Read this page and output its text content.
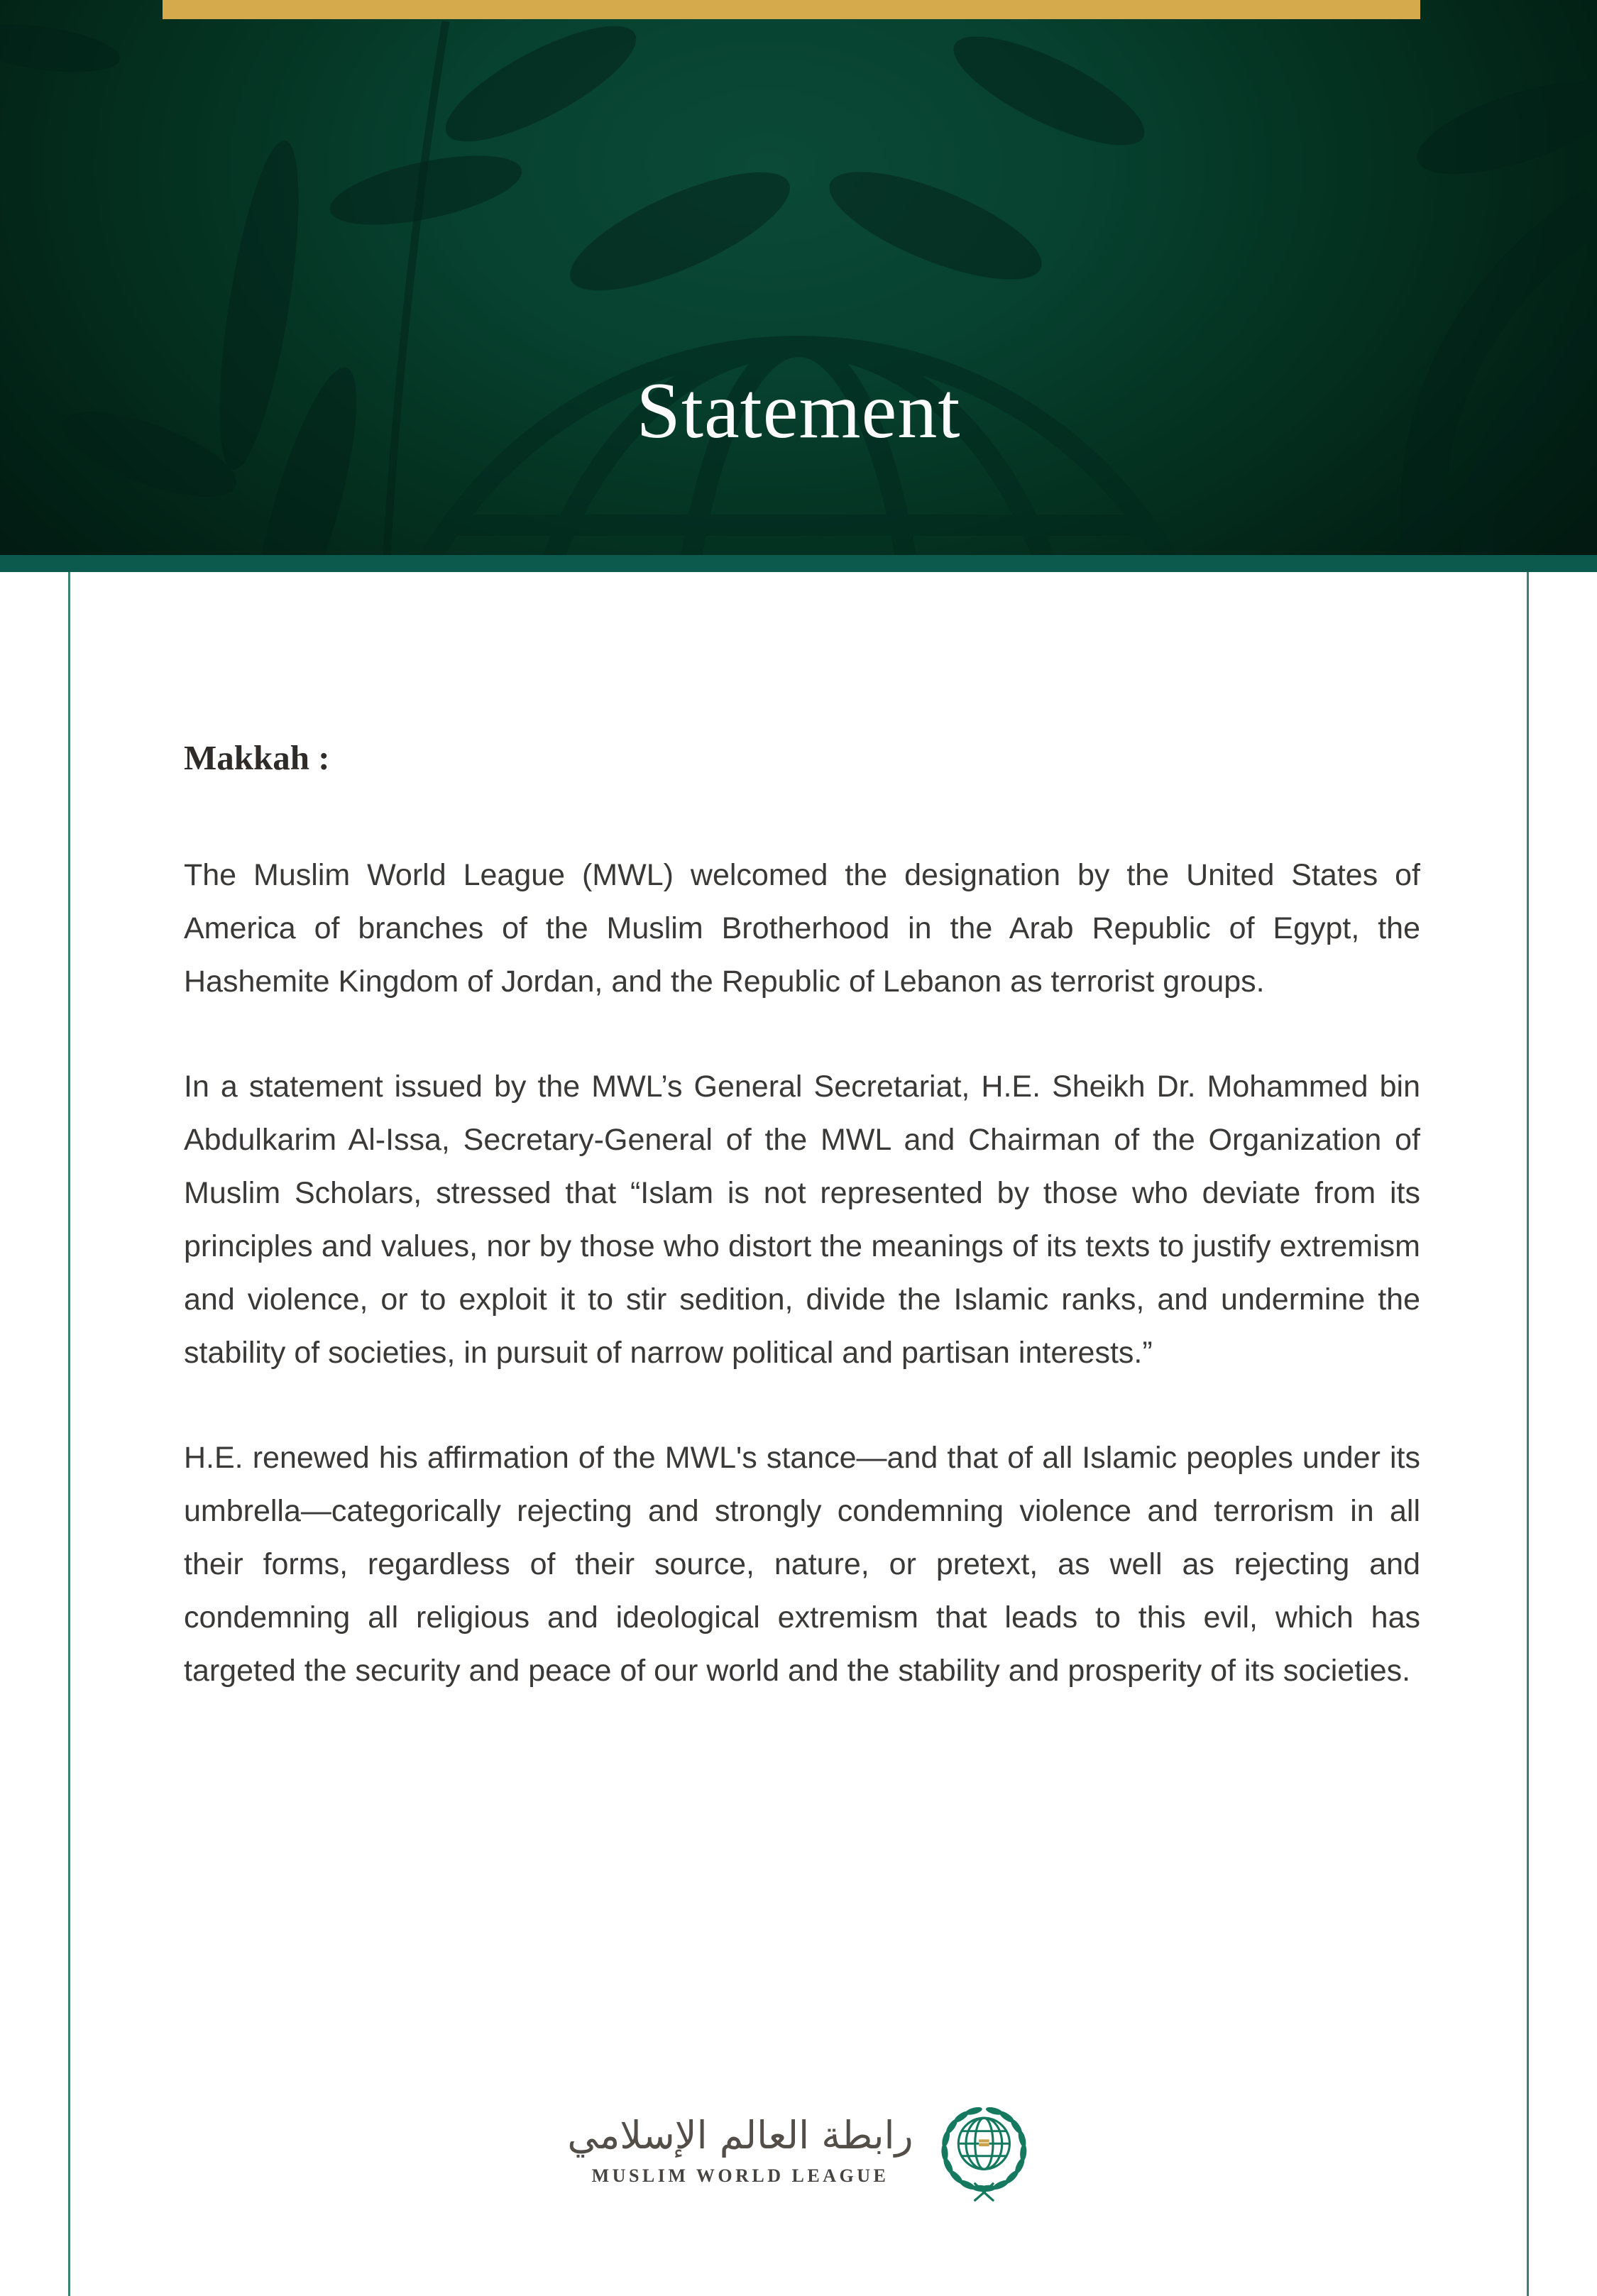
Statement
Makkah :

The Muslim World League (MWL) welcomed the designation by the United States of America of branches of the Muslim Brotherhood in the Arab Republic of Egypt, the Hashemite Kingdom of Jordan, and the Republic of Lebanon as terrorist groups.

In a statement issued by the MWL’s General Secretariat, H.E. Sheikh Dr. Mohammed bin Abdulkarim Al-Issa, Secretary-General of the MWL and Chairman of the Organization of Muslim Scholars, stressed that “Islam is not represented by those who deviate from its principles and values, nor by those who distort the meanings of its texts to justify extremism and violence, or to exploit it to stir sedition, divide the Islamic ranks, and undermine the stability of societies, in pursuit of narrow political and partisan interests.”

H.E. renewed his affirmation of the MWL's stance—and that of all Islamic peoples under its umbrella—categorically rejecting and strongly condemning violence and terrorism in all their forms, regardless of their source, nature, or pretext, as well as rejecting and condemning all religious and ideological extremism that leads to this evil, which has targeted the security and peace of our world and the stability and prosperity of its societies.

رابطة العالم الإسلامي
MUSLIM WORLD LEAGUE
